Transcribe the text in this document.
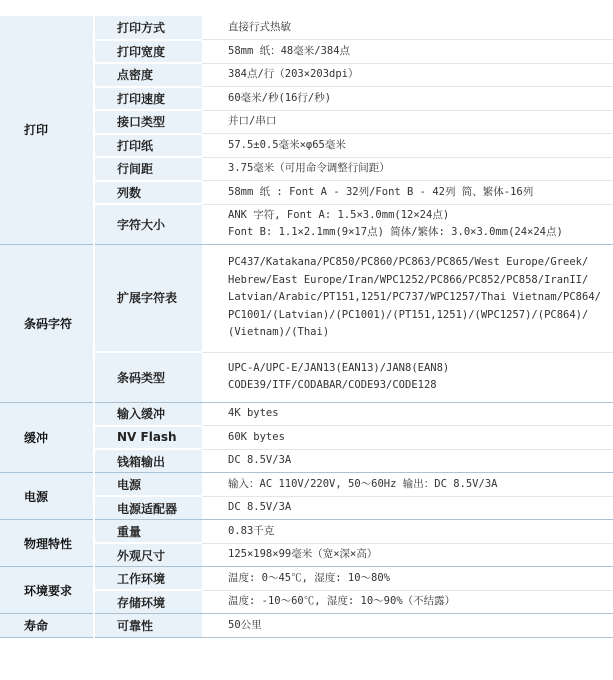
打印	打印方式	直接行式热敏

	打印宽度	58mm 纸：48毫米/384点

	点密度	384点/行（203×203dpi）

	打印速度	60毫米/秒(16行/秒)

	接口类型	并口/串口

	打印纸	57.5±0.5毫米×φ65毫米

	行间距	3.75毫米（可用命令调整行间距）

	列数	58mm 纸 : Font A - 32列/Font B - 42列 简、繁体-16列

	字符大小	ANK 字符, Font A: 1.5×3.0mm(12×24点)
Font B: 1.1×2.1mm(9×17点) 简体/繁体: 3.0×3.0mm(24×24点)

条码字符	扩展字符表	PC437/Katakana/PC850/PC860/PC863/PC865/West Europe/Greek/
Hebrew/East Europe/Iran/WPC1252/PC866/PC852/PC858/IranII/
Latvian/Arabic/PT151,1251/PC737/WPC1257/Thai Vietnam/PC864/
PC1001/(Latvian)/(PC1001)/(PT151,1251)/(WPC1257)/(PC864)/
(Vietnam)/(Thai)

	条码类型	UPC-A/UPC-E/JAN13(EAN13)/JAN8(EAN8)
CODE39/ITF/CODABAR/CODE93/CODE128

缓冲	输入缓冲	4K bytes

	NV Flash	60K bytes

	钱箱输出	DC 8.5V/3A

电源	电源	输入：AC 110V/220V, 50～60Hz 输出：DC 8.5V/3A

	电源适配器	DC 8.5V/3A

物理特性	重量	0.83千克

	外观尺寸	125×198×99毫米（宽×深×高）

环境要求	工作环境	温度: 0～45℃, 湿度: 10～80%

	存储环境	温度: -10～60℃, 湿度: 10～90%（不结露）

寿命	可靠性	50公里
